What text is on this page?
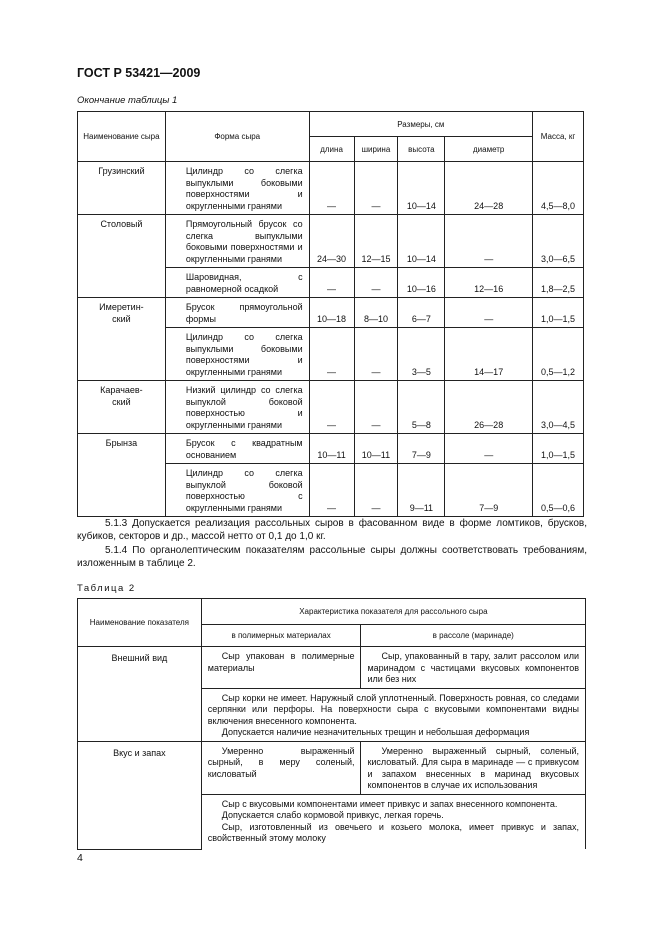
ГОСТ Р 53421—2009
Окончание таблицы 1
Наименование сыра	Форма сыра	Размеры, см				Масса, кг
		длина	ширина	высота	диаметр	
Грузинский	Цилиндр со слегка выпуклыми боковыми поверхностями и округленными гранями	—	—	10—14	24—28	4,5—8,0
Столовый	Прямоугольный брусок со слегка выпуклыми боковыми поверхностями и округленными гранями	24—30	12—15	10—14	—	3,0—6,5
	Шаровидная, с равномерной осадкой	—	—	10—16	12—16	1,8—2,5
Имеретин-
ский	Брусок прямоугольной формы	10—18	8—10	6—7	—	1,0—1,5
	Цилиндр со слегка выпуклыми боковыми поверхностями и округленными гранями	—	—	3—5	14—17	0,5—1,2
Карачаев-
ский	Низкий цилиндр со слегка выпуклой боковой поверхностью и округленными гранями	—	—	5—8	26—28	3,0—4,5
Брынза	Брусок с квадратным основанием	10—11	10—11	7—9	—	1,0—1,5
	Цилиндр со слегка выпуклой боковой поверхностью с округленными гранями	—	—	9—11	7—9	0,5—0,6
5.1.3 Допускается реализация рассольных сыров в фасованном виде в форме ломтиков, брусков, кубиков, секторов и др., массой нетто от 0,1 до 1,0 кг.
5.1.4 По органолептическим показателям рассольные сыры должны соответствовать требованиям, изложенным в таблице 2.
Таблица 2
Наименование показателя	Характеристика показателя для рассольного сыра	
	в полимерных материалах	в рассоле (маринаде)
Внешний вид	Сыр упакован в полимерные материалы	Сыр, упакованный в тару, залит рассолом или маринадом с частицами вкусовых компонентов или без них

	Сыр корки не имеет. Наружный слой уплотненный. Поверхность ровная, со следами серпянки или перфоры. На поверхности сыра с вкусовыми компонентами видны включения внесенного компонента.

Допускается наличие незначительных трещин и небольшая деформация	

Вкус и запах	Умеренно выраженный сырный, в меру соленый, кисловатый	Умеренно выраженный сырный, соленый, кисловатый. Для сыра в маринаде — с привкусом и запахом внесенных в маринад вкусовых компонентов в случае их использования

	Сыр с вкусовыми компонентами имеет привкус и запах внесенного компонента.

Допускается слабо кормовой привкус, легкая горечь.

Сыр, изготовленный из овечьего и козьего молока, имеет привкус и запах, свойственный этому молоку	

4
